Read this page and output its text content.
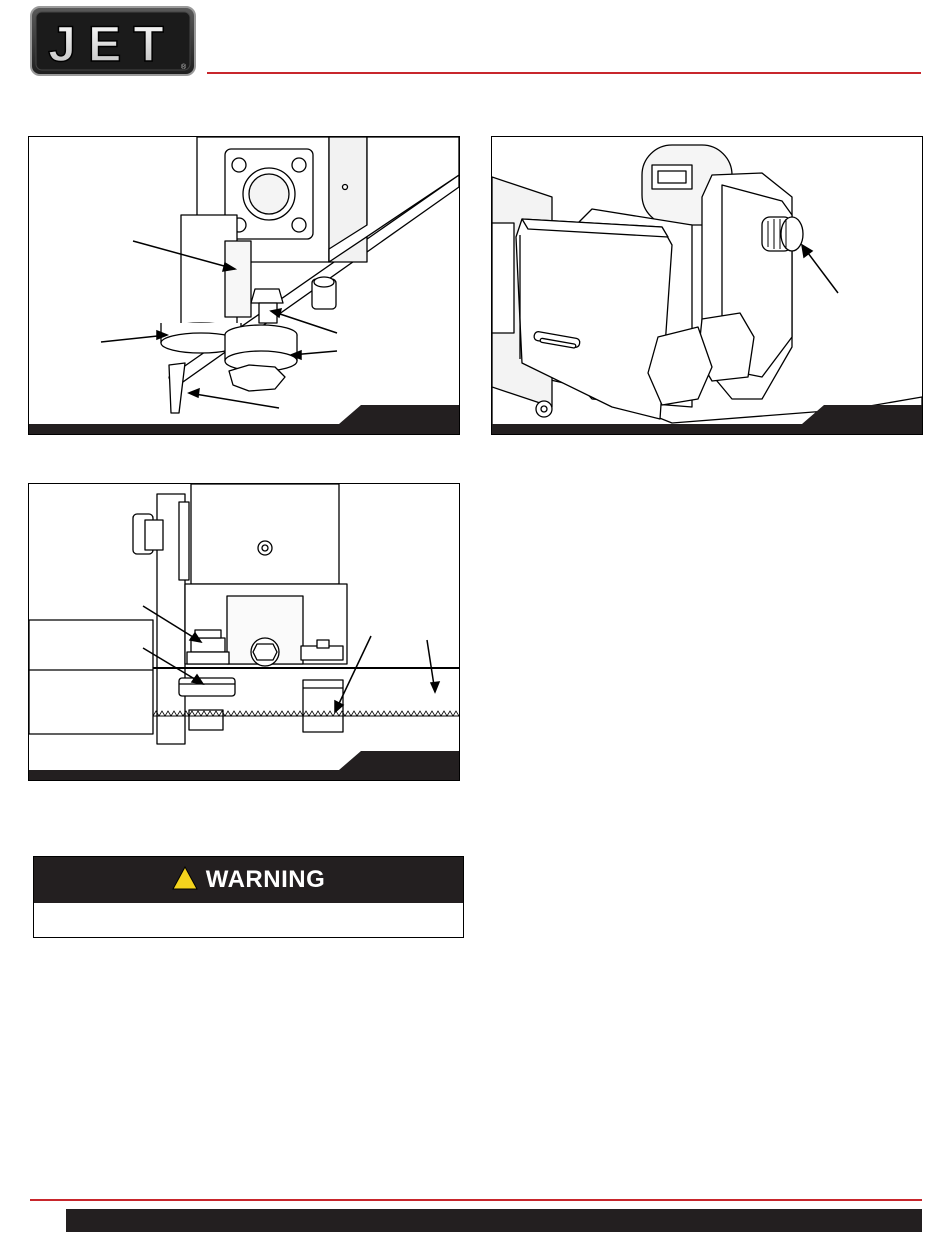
JET ®
WARNING
